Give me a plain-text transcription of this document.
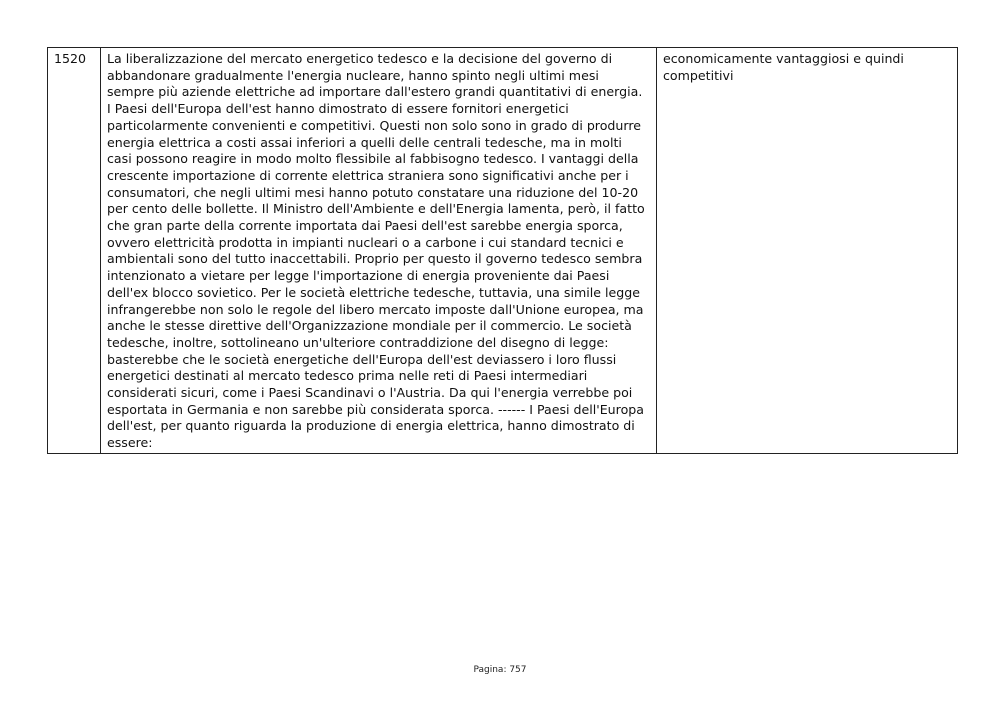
1520	La liberalizzazione del mercato energetico tedesco e la decisione del governo di abbandonare gradualmente l'energia nucleare, hanno spinto negli ultimi mesi sempre più aziende elettriche ad importare dall'estero grandi quantitativi di energia. I Paesi dell'Europa dell'est hanno dimostrato di essere fornitori energetici particolarmente convenienti e competitivi. Questi non solo sono in grado di produrre energia elettrica a costi assai inferiori a quelli delle centrali tedesche, ma in molti casi possono reagire in modo molto flessibile al fabbisogno tedesco. I vantaggi della crescente importazione di corrente elettrica straniera sono significativi anche per i consumatori, che negli ultimi mesi hanno potuto constatare una riduzione del 10-20 per cento delle bollette. Il Ministro dell'Ambiente e dell'Energia lamenta, però, il fatto che gran parte della corrente importata dai Paesi dell'est sarebbe energia sporca, ovvero elettricità prodotta in impianti nucleari o a carbone i cui standard tecnici e ambientali sono del tutto inaccettabili. Proprio per questo il governo tedesco sembra intenzionato a vietare per legge l'importazione di energia proveniente dai Paesi dell'ex blocco sovietico. Per le società elettriche tedesche, tuttavia, una simile legge infrangerebbe non solo le regole del libero mercato imposte dall'Unione europea, ma anche le stesse direttive dell'Organizzazione mondiale per il commercio. Le società tedesche, inoltre, sottolineano un'ulteriore contraddizione del disegno di legge: basterebbe che le società energetiche dell'Europa dell'est deviassero i loro flussi energetici destinati al mercato tedesco prima nelle reti di Paesi intermediari considerati sicuri, come i Paesi Scandinavi o l'Austria. Da qui l'energia verrebbe poi esportata in Germania e non sarebbe più considerata sporca. ------ I Paesi dell'Europa dell'est, per quanto riguarda la produzione di energia elettrica, hanno dimostrato di essere:	economicamente vantaggiosi e quindi competitivi
Pagina: 757
